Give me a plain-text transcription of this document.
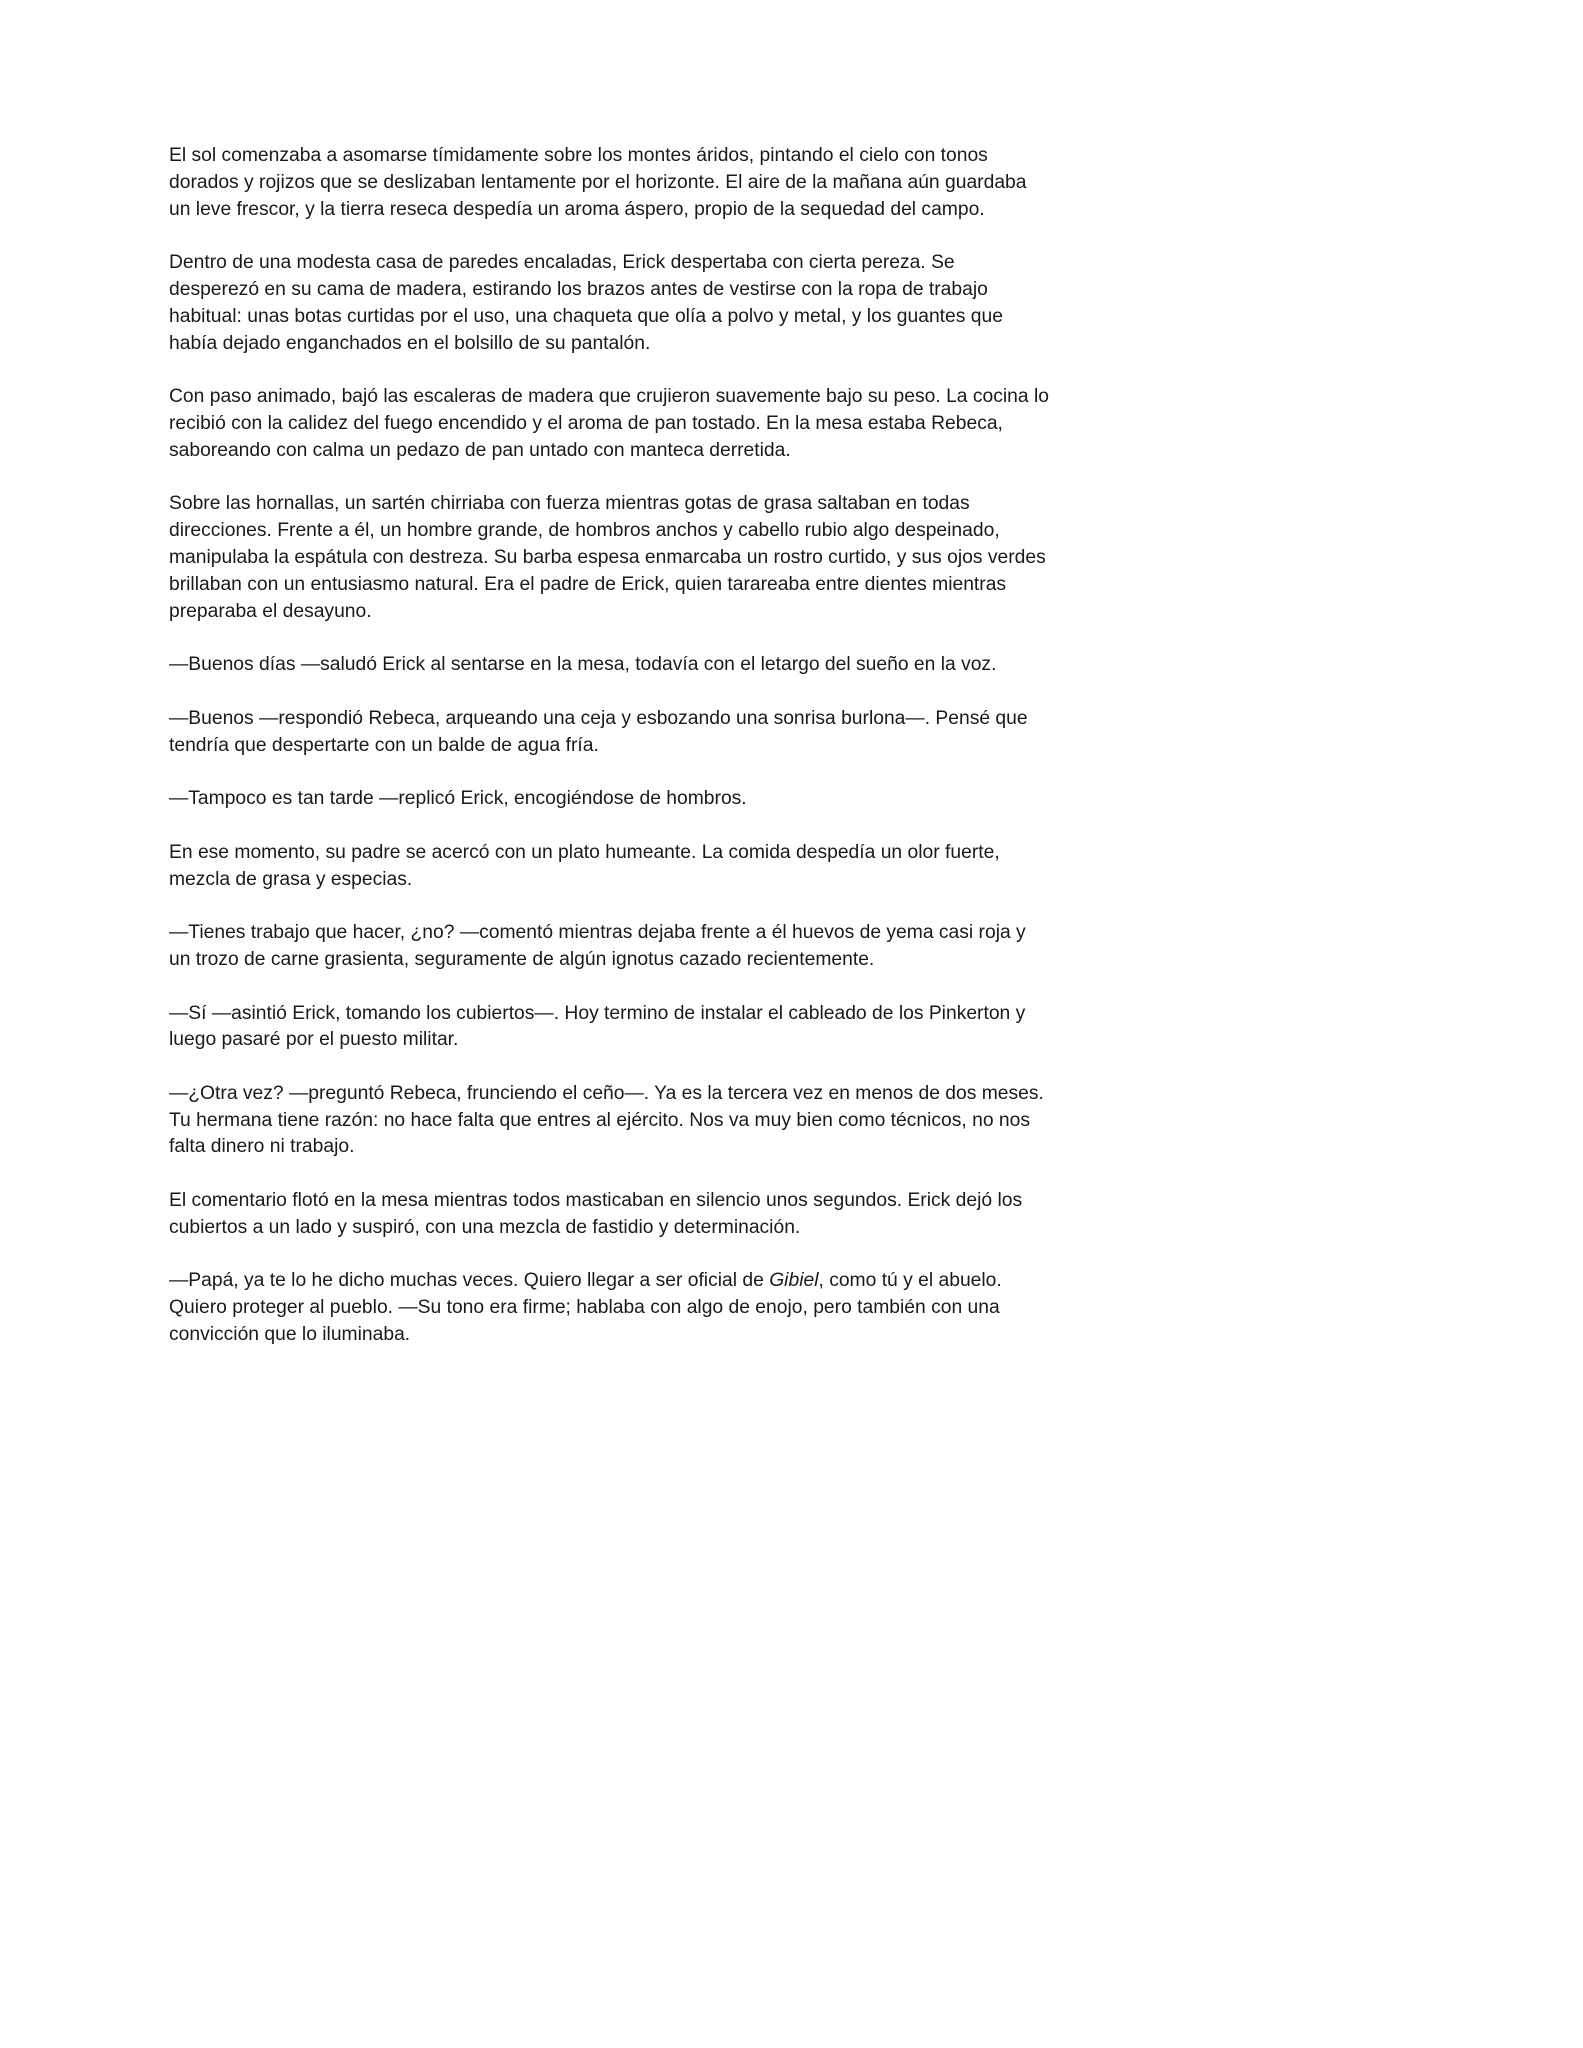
El sol comenzaba a asomarse tímidamente sobre los montes áridos, pintando el cielo con tonos dorados y rojizos que se deslizaban lentamente por el horizonte. El aire de la mañana aún guardaba un leve frescor, y la tierra reseca despedía un aroma áspero, propio de la sequedad del campo.

Dentro de una modesta casa de paredes encaladas, Erick despertaba con cierta pereza. Se desperezó en su cama de madera, estirando los brazos antes de vestirse con la ropa de trabajo habitual: unas botas curtidas por el uso, una chaqueta que olía a polvo y metal, y los guantes que había dejado enganchados en el bolsillo de su pantalón.

Con paso animado, bajó las escaleras de madera que crujieron suavemente bajo su peso. La cocina lo recibió con la calidez del fuego encendido y el aroma de pan tostado. En la mesa estaba Rebeca, saboreando con calma un pedazo de pan untado con manteca derretida.

Sobre las hornallas, un sartén chirriaba con fuerza mientras gotas de grasa saltaban en todas direcciones. Frente a él, un hombre grande, de hombros anchos y cabello rubio algo despeinado, manipulaba la espátula con destreza. Su barba espesa enmarcaba un rostro curtido, y sus ojos verdes brillaban con un entusiasmo natural. Era el padre de Erick, quien tarareaba entre dientes mientras preparaba el desayuno.

—Buenos días —saludó Erick al sentarse en la mesa, todavía con el letargo del sueño en la voz.

—Buenos —respondió Rebeca, arqueando una ceja y esbozando una sonrisa burlona—. Pensé que tendría que despertarte con un balde de agua fría.

—Tampoco es tan tarde —replicó Erick, encogiéndose de hombros.

En ese momento, su padre se acercó con un plato humeante. La comida despedía un olor fuerte, mezcla de grasa y especias.

—Tienes trabajo que hacer, ¿no? —comentó mientras dejaba frente a él huevos de yema casi roja y un trozo de carne grasienta, seguramente de algún ignotus cazado recientemente.

—Sí —asintió Erick, tomando los cubiertos—. Hoy termino de instalar el cableado de los Pinkerton y luego pasaré por el puesto militar.

—¿Otra vez? —preguntó Rebeca, frunciendo el ceño—. Ya es la tercera vez en menos de dos meses. Tu hermana tiene razón: no hace falta que entres al ejército. Nos va muy bien como técnicos, no nos falta dinero ni trabajo.

El comentario flotó en la mesa mientras todos masticaban en silencio unos segundos. Erick dejó los cubiertos a un lado y suspiró, con una mezcla de fastidio y determinación.

—Papá, ya te lo he dicho muchas veces. Quiero llegar a ser oficial de Gibiel, como tú y el abuelo. Quiero proteger al pueblo. —Su tono era firme; hablaba con algo de enojo, pero también con una convicción que lo iluminaba.
